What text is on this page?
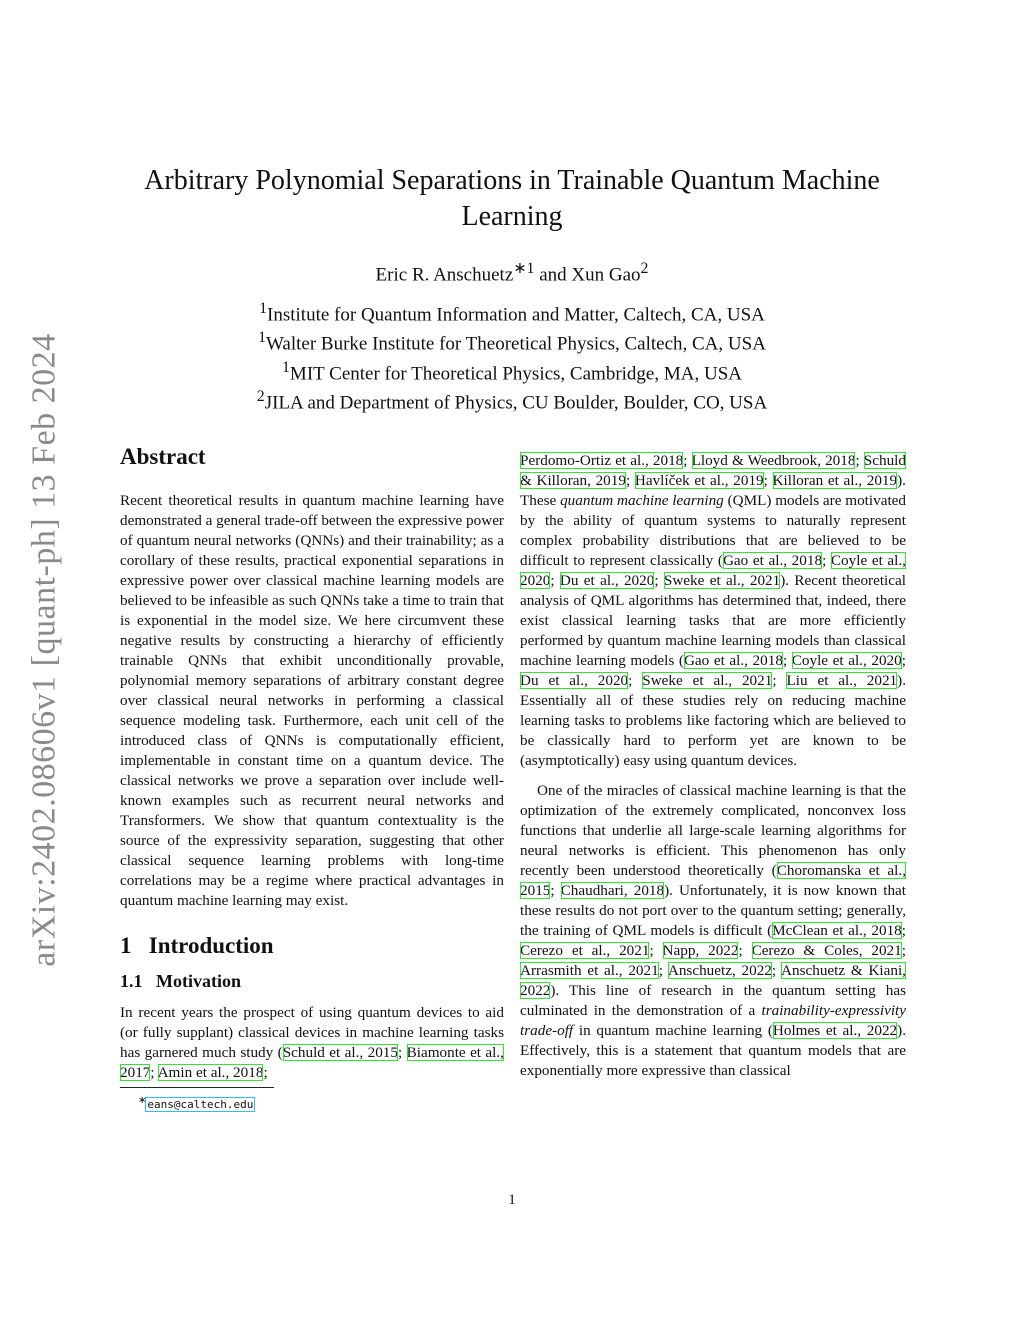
arXiv:2402.08606v1 [quant-ph] 13 Feb 2024
Arbitrary Polynomial Separations in Trainable Quantum Machine Learning
Eric R. Anschuetz$^{∗1}$ and Xun Gao$^2$
$^1$Institute for Quantum Information and Matter, Caltech, CA, USA
$^1$Walter Burke Institute for Theoretical Physics, Caltech, CA, USA
$^1$MIT Center for Theoretical Physics, Cambridge, MA, USA
$^2$JILA and Department of Physics, CU Boulder, Boulder, CO, USA
Abstract

Recent theoretical results in quantum machine learning have demonstrated a general trade-off between the expressive power of quantum neural networks (QNNs) and their trainability; as a corollary of these results, practical exponential separations in expressive power over classical machine learning models are believed to be infeasible as such QNNs take a time to train that is exponential in the model size. We here circumvent these negative results by constructing a hierarchy of efficiently trainable QNNs that exhibit unconditionally provable, polynomial memory separations of arbitrary constant degree over classical neural networks in performing a classical sequence modeling task. Furthermore, each unit cell of the introduced class of QNNs is computationally efficient, implementable in constant time on a quantum device. The classical networks we prove a separation over include well-known examples such as recurrent neural networks and Transformers. We show that quantum contextuality is the source of the expressivity separation, suggesting that other classical sequence learning problems with long-time correlations may be a regime where practical advantages in quantum machine learning may exist.

1 Introduction
1.1 Motivation

In recent years the prospect of using quantum devices to aid (or fully supplant) classical devices in machine learning tasks has garnered much study (Schuld et al., 2015; Biamonte et al., 2017; Amin et al., 2018;

∗eans@caltech.edu

Perdomo-Ortiz et al., 2018; Lloyd & Weedbrook, 2018; Schuld & Killoran, 2019; Havlíček et al., 2019; Killoran et al., 2019). These quantum machine learning (QML) models are motivated by the ability of quantum systems to naturally represent complex probability distributions that are believed to be difficult to represent classically (Gao et al., 2018; Coyle et al., 2020; Du et al., 2020; Sweke et al., 2021). Recent theoretical analysis of QML algorithms has determined that, indeed, there exist classical learning tasks that are more efficiently performed by quantum machine learning models than classical machine learning models (Gao et al., 2018; Coyle et al., 2020; Du et al., 2020; Sweke et al., 2021; Liu et al., 2021). Essentially all of these studies rely on reducing machine learning tasks to problems like factoring which are believed to be classically hard to perform yet are known to be (asymptotically) easy using quantum devices.

One of the miracles of classical machine learning is that the optimization of the extremely complicated, nonconvex loss functions that underlie all large-scale learning algorithms for neural networks is efficient. This phenomenon has only recently been understood theoretically (Choromanska et al., 2015; Chaudhari, 2018). Unfortunately, it is now known that these results do not port over to the quantum setting; generally, the training of QML models is difficult (McClean et al., 2018; Cerezo et al., 2021; Napp, 2022; Cerezo & Coles, 2021; Arrasmith et al., 2021; Anschuetz, 2022; Anschuetz & Kiani, 2022). This line of research in the quantum setting has culminated in the demonstration of a trainability-expressivity trade-off in quantum machine learning (Holmes et al., 2022). Effectively, this is a statement that quantum models that are exponentially more expressive than classical

1
